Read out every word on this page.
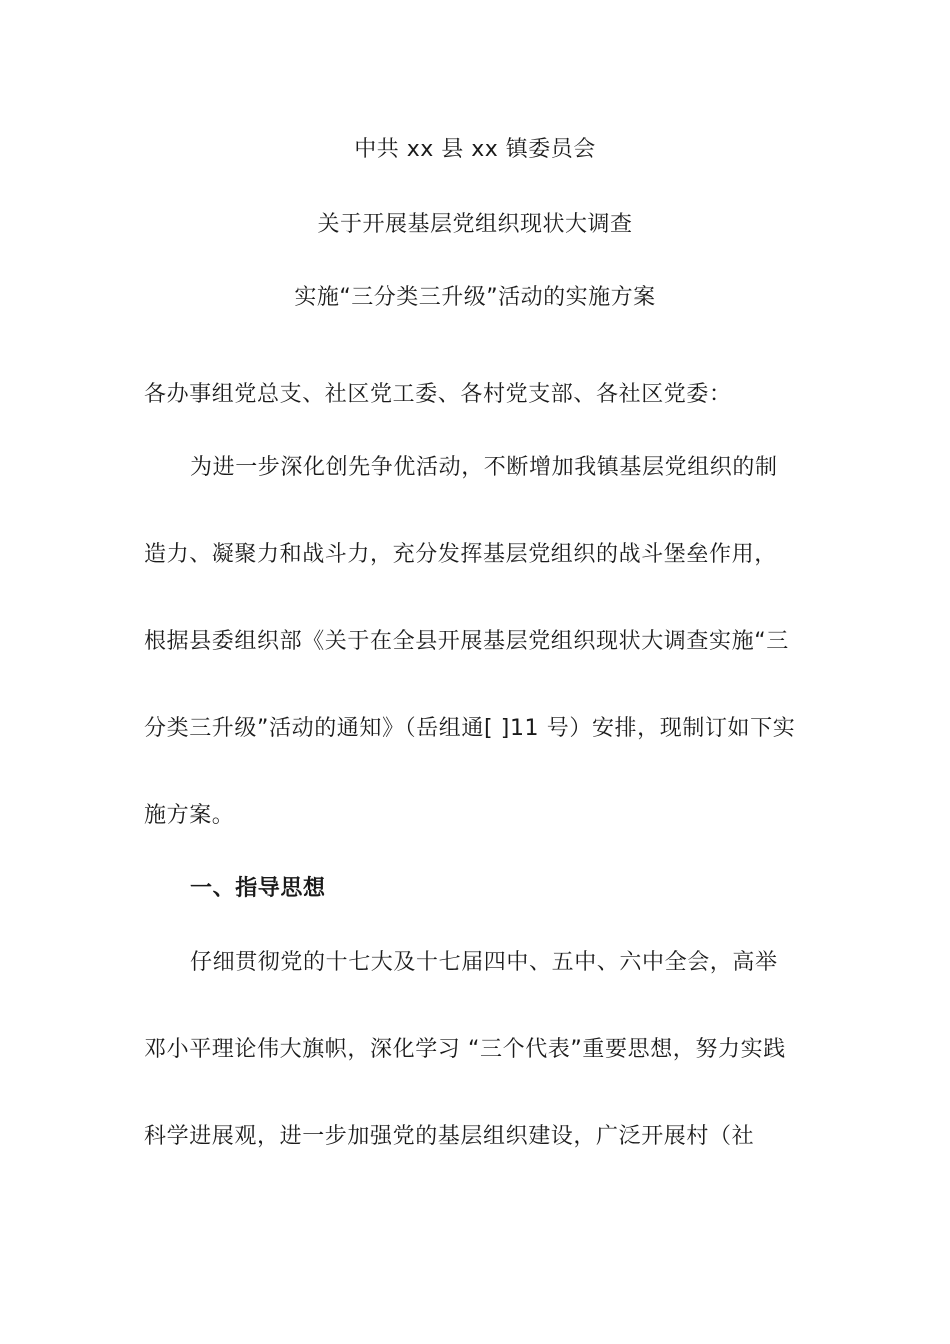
中共 xx 县 xx 镇委员会
关于开展基层党组织现状大调查
实施“三分类三升级”活动的实施方案
各办事组党总支、社区党工委、各村党支部、各社区党委：
为进一步深化创先争优活动，不断增加我镇基层党组织的制
造力、凝聚力和战斗力，充分发挥基层党组织的战斗堡垒作用，
根据县委组织部《关于在全县开展基层党组织现状大调查实施“三
分类三升级”活动的通知》（岳组通[ ]11 号）安排，现制订如下实
施方案。
一、指导思想
仔细贯彻党的十七大及十七届四中、五中、六中全会，高举
邓小平理论伟大旗帜，深化学习 “三个代表”重要思想，努力实践
科学进展观，进一步加强党的基层组织建设，广泛开展村（社
